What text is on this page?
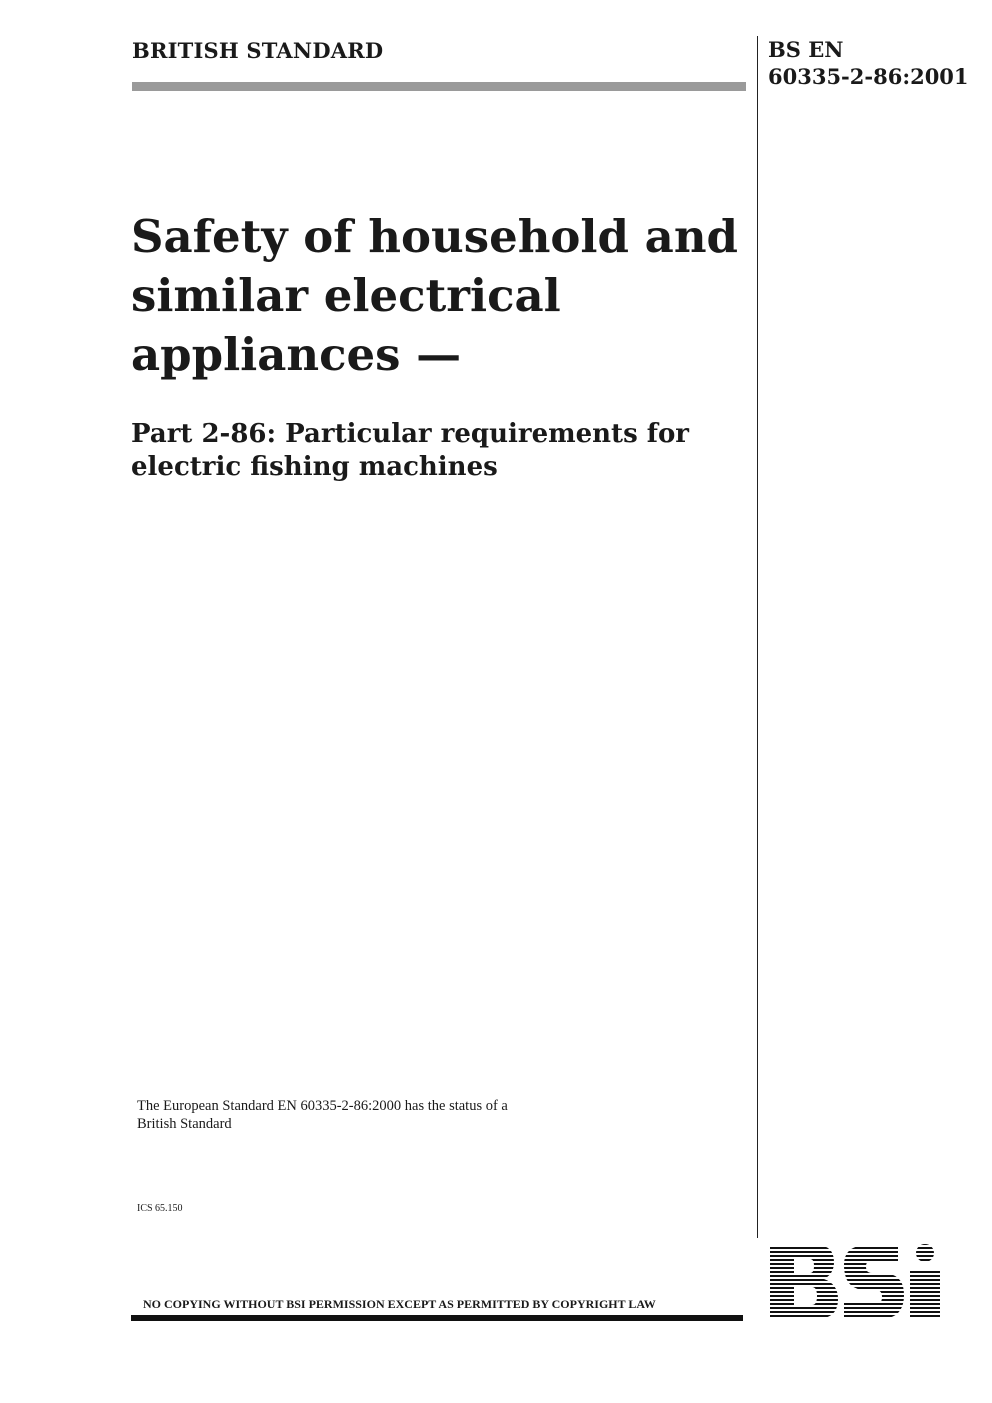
BRITISH STANDARD	BS EN
60335-2-86:2001
Safety of household and
similar electrical
appliances —
Part 2-86: Particular requirements for
electric fishing machines
The European Standard EN 60335-2-86:2000 has the status of a
British Standard
ICS 65.150
NO COPYING WITHOUT BSI PERMISSION EXCEPT AS PERMITTED BY COPYRIGHT LAW
